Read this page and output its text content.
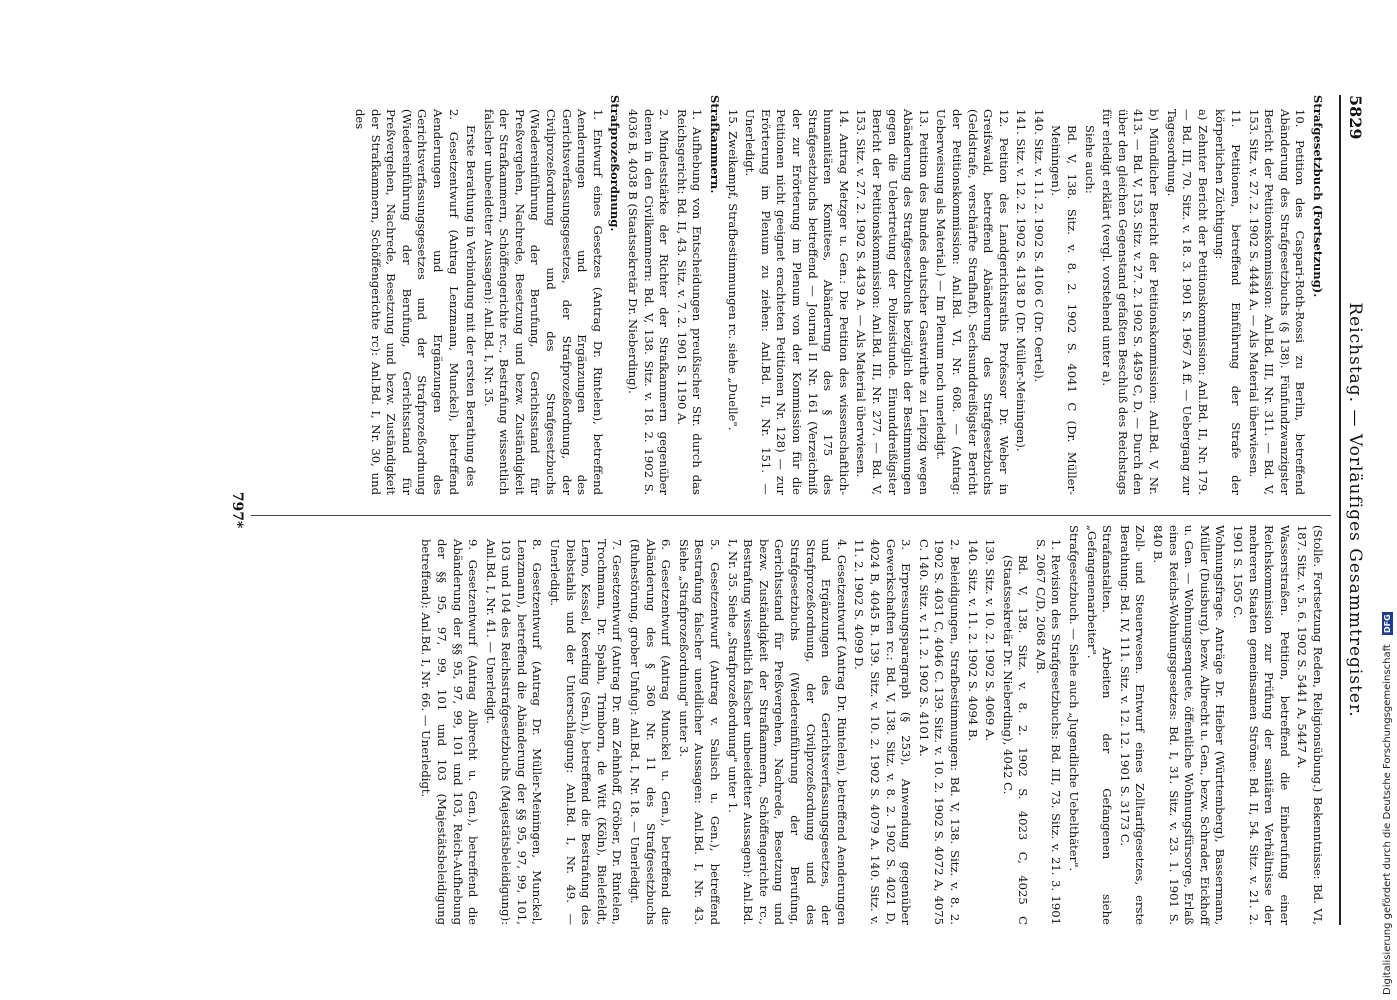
5829
Reichstag. — Vorläufiges Gesammtregister.

Strafgesetzbuch (Fortsetzung).

10. Petition des Caspari-Roth-Rossi zu Berlin, betreffend Abänderung des Strafgesetzbuchs (§ 138). Fünfundzwanzigster Bericht der Petitionskommission: Anl.Bd. III, Nr. 311. — Bd. V, 153. Sitz. v. 27. 2. 1902 S. 4444 A. — Als Material überwiesen.

11. Petitionen, betreffend Einführung der Strafe der körperlichen Züchtigung:

a) Zehnter Bericht der Petitionskommission: Anl.Bd. II, Nr. 179. — Bd. III, 70. Sitz. v. 18. 3. 1901 S. 1967 A ff. — Uebergang zur Tagesordnung.

b) Mündlicher Bericht der Petitionskommission: Anl.Bd. V, Nr. 413. — Bd. V, 153. Sitz. v. 27. 2. 1902 S. 4459 C, D. — Durch den über den gleichen Gegenstand gefaßten Beschluß des Reichstags für erledigt erklärt (vergl. vorstehend unter a).

Siehe auch:

Bd. V, 138. Sitz. v. 8. 2. 1902 S. 4041 C (Dr. Müller-Meiningen).

140. Sitz. v. 11. 2. 1902 S. 4106 C (Dr. Oertel).

141. Sitz. v. 12. 2. 1902 S. 4138 D (Dr. Müller-Meiningen).

12. Petition des Landgerichtsraths Professor Dr. Weber in Greifswald, betreffend Abänderung des Strafgesetzbuchs (Geldstrafe, verschärfte Strafhaft). Sechsunddreißigster Bericht der Petitionskommission: Anl.Bd. VI, Nr. 608. — (Antrag: Ueberweisung als Material.) — Im Plenum noch unerledigt.

13. Petition des Bundes deutscher Gastwirthe zu Leipzig wegen Abänderung des Strafgesetzbuchs bezüglich der Bestimmungen gegen die Uebertretung der Polizeistunde. Einunddreißigster Bericht der Petitionskommission: Anl.Bd. III, Nr. 277. — Bd. V, 153. Sitz. v. 27. 2. 1902 S. 4439 A. — Als Material überwiesen.

14. Antrag Metzger u. Gen.: Die Petition des wissenschaftlich-humanitären Komitees, Abänderung des § 175 des Strafgesetzbuchs betreffend — Journal II Nr. 161 (Verzeichniß der zur Erörterung im Plenum von der Kommission für die Petitionen nicht geeignet erachteten Petitionen Nr. 128) — zur Erörterung im Plenum zu ziehen: Anl.Bd. II, Nr. 151. — Unerledigt.

15. Zweikampf, Strafbestimmungen rc. siehe „Duelle".

Strafkammern.

1. Aufhebung von Entscheidungen preußischer Str. durch das Reichsgericht: Bd. II, 43. Sitz. v. 7. 2. 1901 S. 1190 A.

2. Mindeststärke der Richter der Strafkammern gegenüber denen in den Civilkammern: Bd. V, 138. Sitz. v. 18. 2. 1902 S. 4036 B, 4038 B (Staatssekretär Dr. Nieberding).

Strafprozeßordnung.

1. Entwurf eines Gesetzes (Antrag Dr. Rintelen), betreffend Aenderungen und Ergänzungen des Gerichtsverfassungsgesetzes, der Strafprozeßordnung, der Civilprozeßordnung und des Strafgesetzbuchs (Wiedereinführung der Berufung, Gerichtsstand für Preßvergehen, Nachrede, Besetzung und bezw. Zuständigkeit der Strafkammern, Schöffengerichte rc., Bestrafung wissentlich falscher unbeeidetter Aussagen): Anl.Bd. I, Nr. 35.

Erste Berathung in Verbindung mit der ersten Berathung des

2. Gesetzentwurf (Antrag Lenzmann, Munckel), betreffend Aenderungen und Ergänzungen des Gerichtsverfassungsgesetzes und der Strafprozeßordnung (Wiedereinführung der Berufung, Gerichtsstand für Preßvergehen, Nachrede, Besetzung und bezw. Zuständigkeit der Strafkammern, Schöffengerichte rc): Anl.Bd. I, Nr. 30, und des

(Stolle. Fortsetzung Reden, Religionsübung.) Bekenntnisse: Bd. VI, 187. Sitz. v. 5. 6. 1902 S. 5441 A, 5447 A.

Wasserstraßen. Petition, betreffend die Einberufung einer Reichskommission zur Prüfung der sanitären Verhältnisse der mehreren Staaten gemeinsamen Ströme: Bd. II, 54. Sitz. v. 21. 2. 1901 S. 1505 C.

Wohnungsfrage. Anträge Dr. Hieber (Württemberg), Bassermann, Müller (Duisburg), bezw. Albrecht u. Gen., bezw. Schrader, Eickhoff u. Gen. — Wohnungsenquete, öffentliche Wohnungsfürsorge, Erlaß eines Reichs-Wohnungsgesetzes: Bd. I, 31. Sitz. v. 23. 1. 1901 S. 840 B.

Zoll- und Steuerwesen. Entwurf eines Zolltarifgesetzes, erste Berathung: Bd. IV, 111. Sitz. v. 12. 12. 1901 S. 3173 C.

Strafanstalten. Arbeiten der Gefangenen siehe „Gefangenenarbeiter".

Strafgesetzbuch. — Siehe auch „Jugendliche Uebelthäter".

1. Revision des Strafgesetzbuchs: Bd. III, 73. Sitz. v. 21. 3. 1901 S. 2067 C/D, 2068 A/B.

Bd. V, 138. Sitz. v. 8. 2. 1902 S. 4023 C, 4025 C (Staatssekretär Dr. Nieberding), 4042 C.

139. Sitz. v. 10. 2. 1902 S. 4069 A.

140. Sitz. v. 11. 2. 1902 S. 4094 B.

2. Beleidigungen, Strafbestimmungen: Bd. V, 138. Sitz. v. 8. 2. 1902 S. 4031 C, 4046 C. 139. Sitz. v. 10. 2. 1902 S. 4072 A, 4075 C. 140. Sitz. v. 11. 2. 1902 S. 4101 A.

3. Erpressungsparagraph (§ 253), Anwendung gegenüber Gewerkschaften rc.: Bd. V, 138. Sitz. v. 8. 2. 1902 S. 4021 D, 4024 B, 4045 B. 139. Sitz. v. 10. 2. 1902 S. 4079 A. 140. Sitz. v. 11. 2. 1902 S. 4099 D.

4. Gesetzentwurf (Antrag Dr. Rintelen), betreffend Aenderungen und Ergänzungen des Gerichtsverfassungsgesetzes, der Strafprozeßordnung, der Civilprozeßordnung und des Strafgesetzbuchs (Wiedereinführung der Berufung, Gerichtsstand für Preßvergehen, Nachrede, Besetzung und bezw. Zuständigkeit der Strafkammern, Schöffengerichte rc., Bestrafung wissentlich falscher unbeeidetter Aussagen): Anl.Bd. I, Nr. 35. Siehe „Strafprozeßordnung" unter 1.

5. Gesetzentwurf (Antrag v. Salisch u. Gen.), betreffend Bestrafung falscher uneidlicher Aussagen: Anl.Bd. I, Nr. 43. Siehe „Strafprozeßordnung" unter 3.

6. Gesetzentwurf (Antrag Munckel u. Gen.), betreffend die Abänderung des § 360 Nr. 11 des Strafgesetzbuchs (Ruhestörung, grober Unfug): Anl.Bd. I, Nr. 18. — Unerledigt.

7. Gesetzentwurf (Antrag Dr. am Zehnhoff, Gröber, Dr. Rintelen, Trochmann, Dr. Spahn, Trimborn, de Witt (Köln), Bielefeldt, Lerno, Kessel, Koerding (Sen.)), betreffend die Bestrafung des Diebstahls und der Unterschlagung: Anl.Bd. I, Nr. 49. — Unerledigt.

8. Gesetzentwurf (Antrag Dr. Müller-Meiningen, Munckel, Lenzmann), betreffend die Abänderung der §§ 95, 97, 99, 101, 103 und 104 des Reichsstrafgesetzbuchs (Majestätsbeleidigung): Anl.Bd. I, Nr. 41. — Unerledigt.

9. Gesetzentwurf (Antrag Albrecht u. Gen.), betreffend die Abänderung der §§ 95, 97, 99, 101 und 103, Reich-Aufhebung der §§ 95, 97, 99, 101 und 103 (Majestätsbeleidigung betreffend): Anl.Bd. I, Nr. 66. — Unerledigt.

797*
Digitalisierung gefördert durch die Deutsche Forschungsgemeinschaft DFG
